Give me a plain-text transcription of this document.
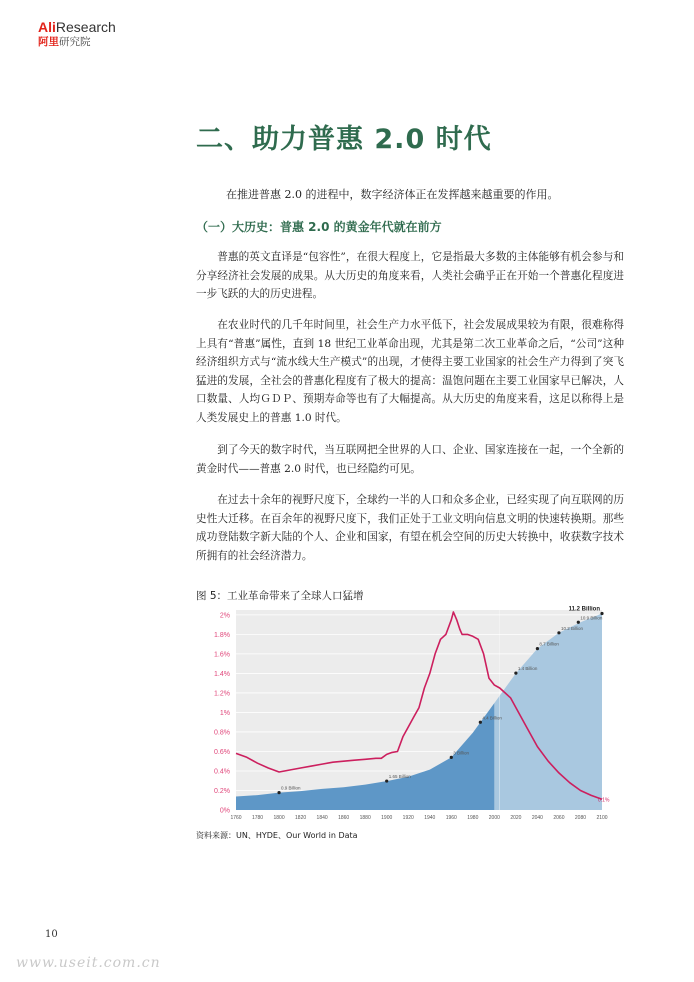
AliResearch
阿里研究院
二、助力普惠 2.0 时代
在推进普惠 2.0 的进程中，数字经济体正在发挥越来越重要的作用。
（一）大历史：普惠 2.0 的黄金年代就在前方

普惠的英文直译是“包容性”，在很大程度上，它是指最大多数的主体能够有机会参与和分享经济社会发展的成果。从大历史的角度来看，人类社会确乎正在开始一个普惠化程度进一步飞跃的大的历史进程。

在农业时代的几千年时间里，社会生产力水平低下，社会发展成果较为有限，很难称得上具有“普惠”属性，直到 18 世纪工业革命出现，尤其是第二次工业革命之后，“公司”这种经济组织方式与“流水线大生产模式”的出现，才使得主要工业国家的社会生产力得到了突飞猛进的发展，全社会的普惠化程度有了极大的提高：温饱问题在主要工业国家早已解决，人口数量、人均ＧＤＰ、预期寿命等也有了大幅提高。从大历史的角度来看，这足以称得上是人类发展史上的普惠 1.0 时代。

到了今天的数字时代，当互联网把全世界的人口、企业、国家连接在一起，一个全新的黄金时代——普惠 2.0 时代，也已经隐约可见。

在过去十余年的视野尺度下，全球约一半的人口和众多企业，已经实现了向互联网的历史性大迁移。在百余年的视野尺度下，我们正处于工业文明向信息文明的快速转换期。那些成功登陆数字新大陆的个人、企业和国家，有望在机会空间的历史大转换中，收获数字技术所拥有的社会经济潜力。

图 5：工业革命带来了全球人口猛增
0%
0.2%
0.4%
0.6%
0.8%
1%
1.2%
1.4%
1.6%
1.8%
2%
0.9 Billion
1.65 Billion
3 Billion
4.4 Billion
1.4 Billion
8.7 Billion
10.2 Billion
10.9 Billion
11.2 Billion
0.1%
1760 1780 1800 1820 1840 1860 1880 1900 1920 1940 1960 1980 2000 2020 2040 2060 2080 2100
资料来源：UN、HYDE、Our World in Data
10
www.useit.com.cn
